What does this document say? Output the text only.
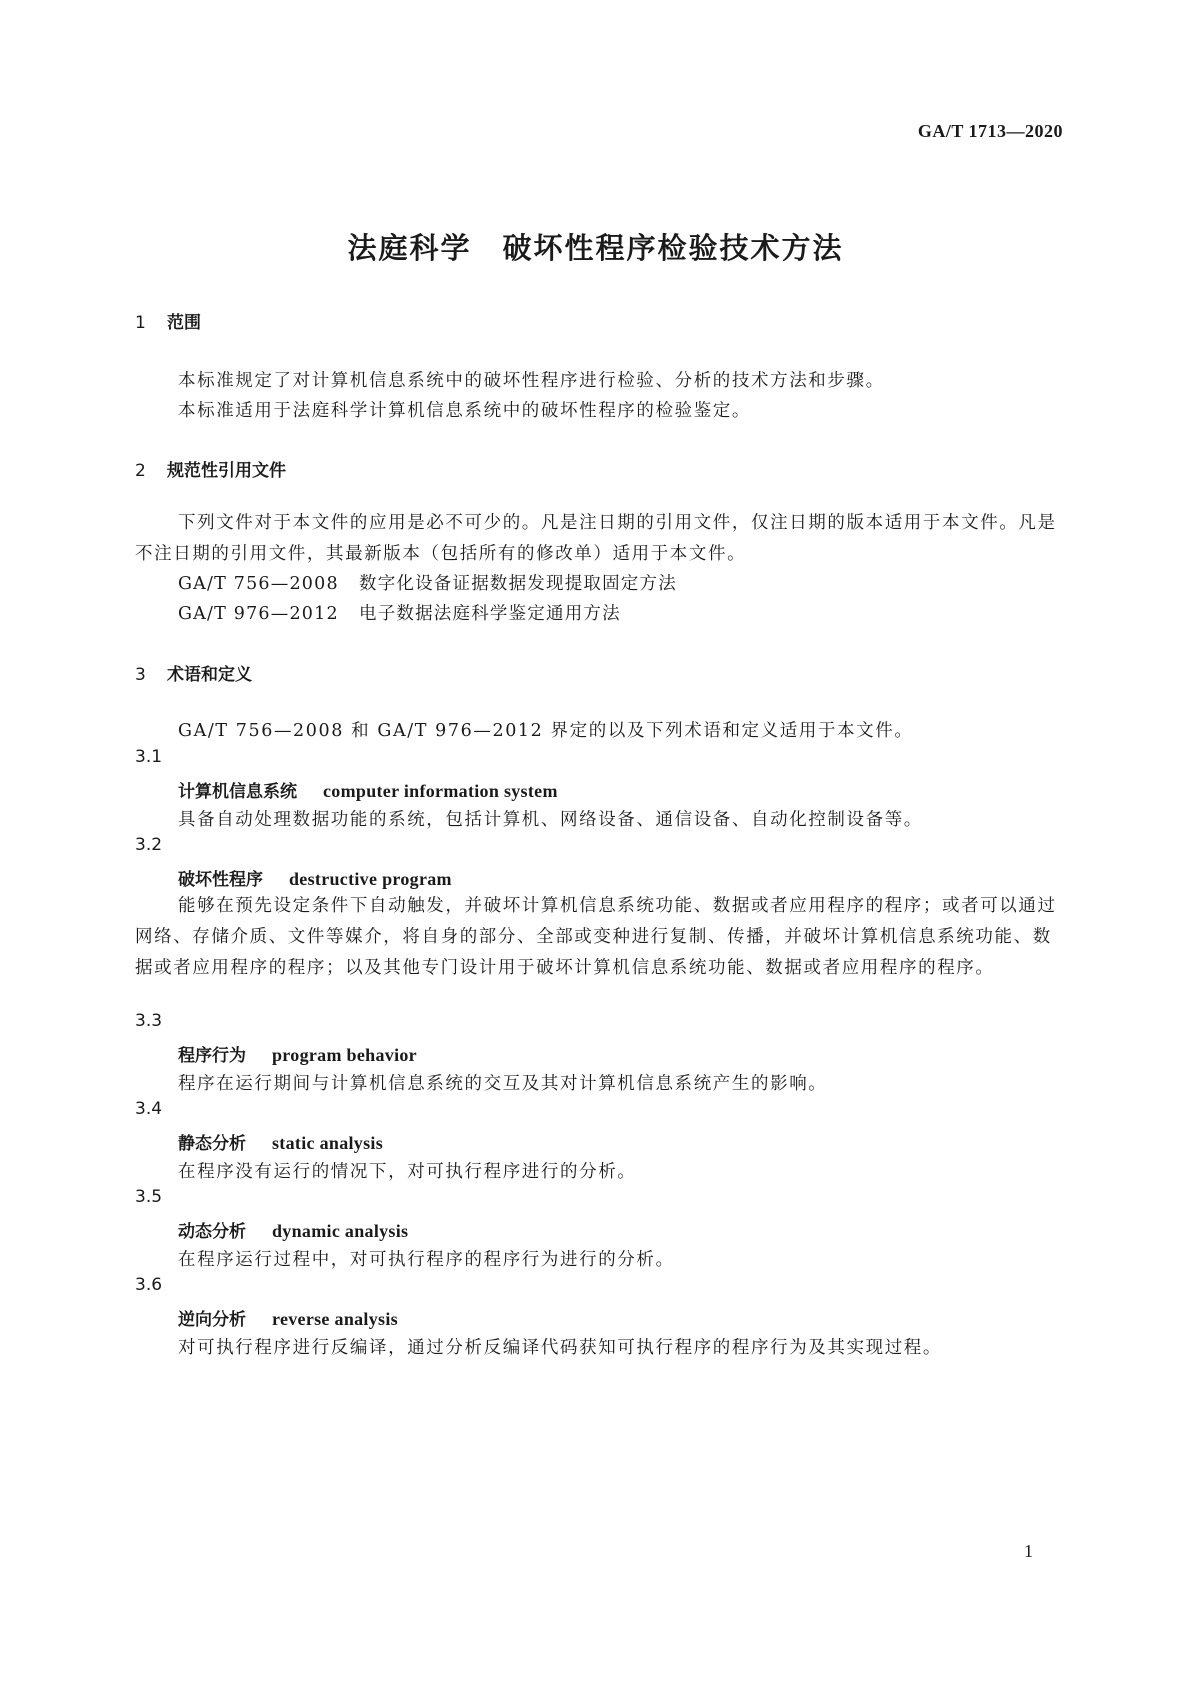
GA/T 1713—2020
法庭科学　破坏性程序检验技术方法
1 范围
本标准规定了对计算机信息系统中的破坏性程序进行检验、分析的技术方法和步骤。
本标准适用于法庭科学计算机信息系统中的破坏性程序的检验鉴定。
2 规范性引用文件
下列文件对于本文件的应用是必不可少的。凡是注日期的引用文件，仅注日期的版本适用于本文件。凡是不注日期的引用文件，其最新版本（包括所有的修改单）适用于本文件。
GA/T 756—2008 数字化设备证据数据发现提取固定方法
GA/T 976—2012 电子数据法庭科学鉴定通用方法
3 术语和定义
GA/T 756—2008 和 GA/T 976—2012 界定的以及下列术语和定义适用于本文件。
3.1
计算机信息系统 computer information system
具备自动处理数据功能的系统，包括计算机、网络设备、通信设备、自动化控制设备等。
3.2
破坏性程序 destructive program
能够在预先设定条件下自动触发，并破坏计算机信息系统功能、数据或者应用程序的程序；或者可以通过网络、存储介质、文件等媒介，将自身的部分、全部或变种进行复制、传播，并破坏计算机信息系统功能、数据或者应用程序的程序；以及其他专门设计用于破坏计算机信息系统功能、数据或者应用程序的程序。
3.3
程序行为 program behavior
程序在运行期间与计算机信息系统的交互及其对计算机信息系统产生的影响。
3.4
静态分析 static analysis
在程序没有运行的情况下，对可执行程序进行的分析。
3.5
动态分析 dynamic analysis
在程序运行过程中，对可执行程序的程序行为进行的分析。
3.6
逆向分析 reverse analysis
对可执行程序进行反编译，通过分析反编译代码获知可执行程序的程序行为及其实现过程。
1
